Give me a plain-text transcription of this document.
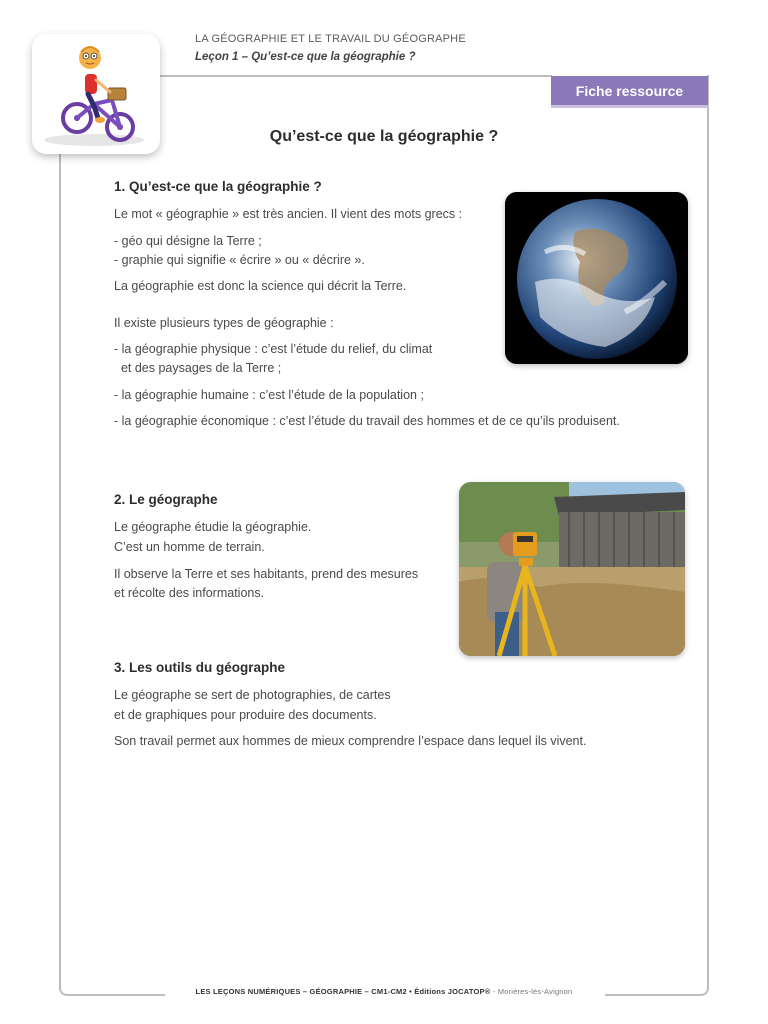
LA GÉOGRAPHIE ET LE TRAVAIL DU GÉOGRAPHE
Leçon 1 – Qu’est-ce que la géographie ?
Fiche ressource
Qu’est-ce que la géographie ?
1. Qu’est-ce que la géographie ?
Le mot « géographie » est très ancien. Il vient des mots grecs :
- géo qui désigne la Terre ;
- graphie qui signifie « écrire » ou « décrire ».
La géographie est donc la science qui décrit la Terre.
Il existe plusieurs types de géographie :
- la géographie physique : c’est l’étude du relief, du climat
et des paysages de la Terre ;
- la géographie humaine : c’est l’étude de la population ;
- la géographie économique : c’est l’étude du travail des hommes et de ce qu’ils produisent.
2. Le géographe
Le géographe étudie la géographie.
C’est un homme de terrain.
Il observe la Terre et ses habitants, prend des mesures
et récolte des informations.
3. Les outils du géographe
Le géographe se sert de photographies, de cartes
et de graphiques pour produire des documents.
Son travail permet aux hommes de mieux comprendre l’espace dans lequel ils vivent.
LES LEÇONS NUMÉRIQUES – GÉOGRAPHIE – CM1-CM2 • Éditions JOCATOP® - Morières-lès-Avignon
